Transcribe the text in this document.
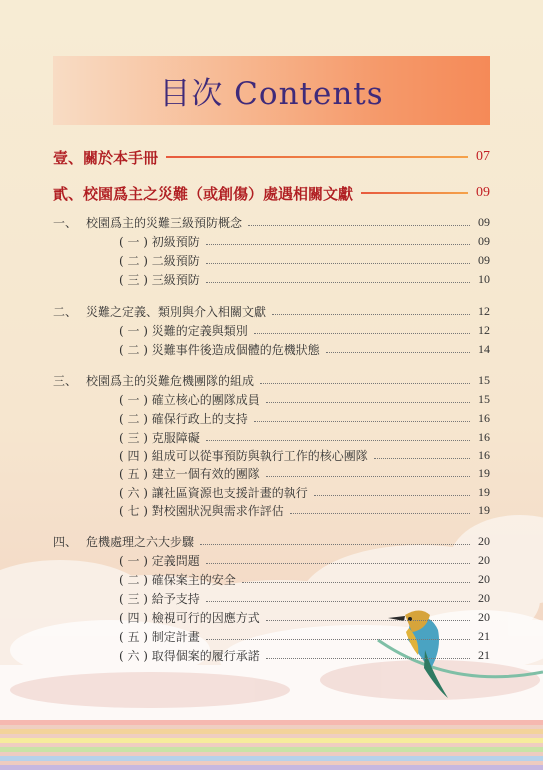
目次 Contents
壹、關於本手冊	07
貳、校園爲主之災難（或創傷）處遇相關文獻	09
一、 校園爲主的災難三級預防概念	09
( 一 ) 初級預防	09
( 二 ) 二級預防	09
( 三 ) 三級預防	10
二、 災難之定義、類別與介入相關文獻	12
( 一 ) 災難的定義與類別	12
( 二 ) 災難事件後造成個體的危機狀態	14
三、 校園爲主的災難危機團隊的組成	15
( 一 ) 確立核心的團隊成員	15
( 二 ) 確保行政上的支持	16
( 三 ) 克服障礙	16
( 四 ) 組成可以從事預防與執行工作的核心團隊	16
( 五 ) 建立一個有效的團隊	19
( 六 ) 讓社區資源也支援計畫的執行	19
( 七 ) 對校園狀況與需求作評估	19
四、 危機處理之六大步驟	20
( 一 ) 定義問題	20
( 二 ) 確保案主的安全	20
( 三 ) 給予支持	20
( 四 ) 檢視可行的因應方式	20
( 五 ) 制定計畫	21
( 六 ) 取得個案的履行承諾	21
